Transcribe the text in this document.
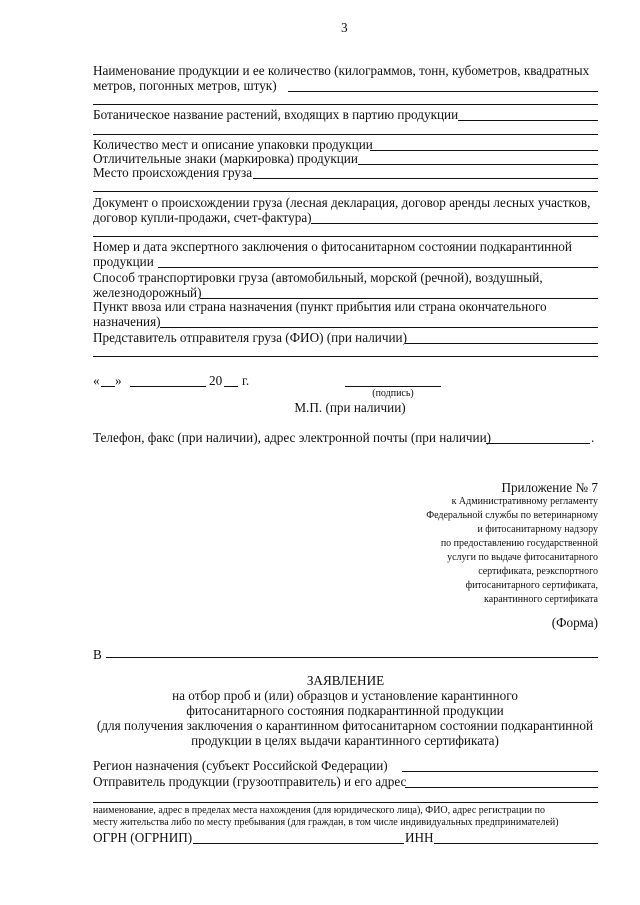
3
Наименование продукции и ее количество (килограммов, тонн, кубометров, квадратных
метров, погонных метров, штук)
Ботаническое название растений, входящих в партию продукции
Количество мест и описание упаковки продукции
Отличительные знаки (маркировка) продукции
Место происхождения груза
Документ о происхождении груза (лесная декларация, договор аренды лесных участков,
договор купли-продажи, счет-фактура)
Номер и дата экспертного заключения о фитосанитарном состоянии подкарантинной
продукции
Способ транспортировки груза (автомобильный, морской (речной), воздушный,
железнодорожный)
Пункт ввоза или страна назначения (пункт прибытия или страна окончательного
назначения)
Представитель отправителя груза (ФИО) (при наличии)
« »	20 г.
(подпись)
М.П. (при наличии)
Телефон, факс (при наличии), адрес электронной почты (при наличии)	.
Приложение № 7
к Административному регламенту
Федеральной службы по ветеринарному
и фитосанитарному надзору
по предоставлению государственной
услуги по выдаче фитосанитарного
сертификата, реэкспортного
фитосанитарного сертификата,
карантинного сертификата
(Форма)
В
ЗАЯВЛЕНИЕ
на отбор проб и (или) образцов и установление карантинного
фитосанитарного состояния подкарантинной продукции
(для получения заключения о карантинном фитосанитарном состоянии подкарантинной
продукции в целях выдачи карантинного сертификата)
Регион назначения (субъект Российской Федерации)
Отправитель продукции (грузоотправитель) и его адрес
наименование, адрес в пределах места нахождения (для юридического лица), ФИО, адрес регистрации по
месту жительства либо по месту пребывания (для граждан, в том числе индивидуальных предпринимателей)
ОГРН (ОГРНИП)	ИНН
